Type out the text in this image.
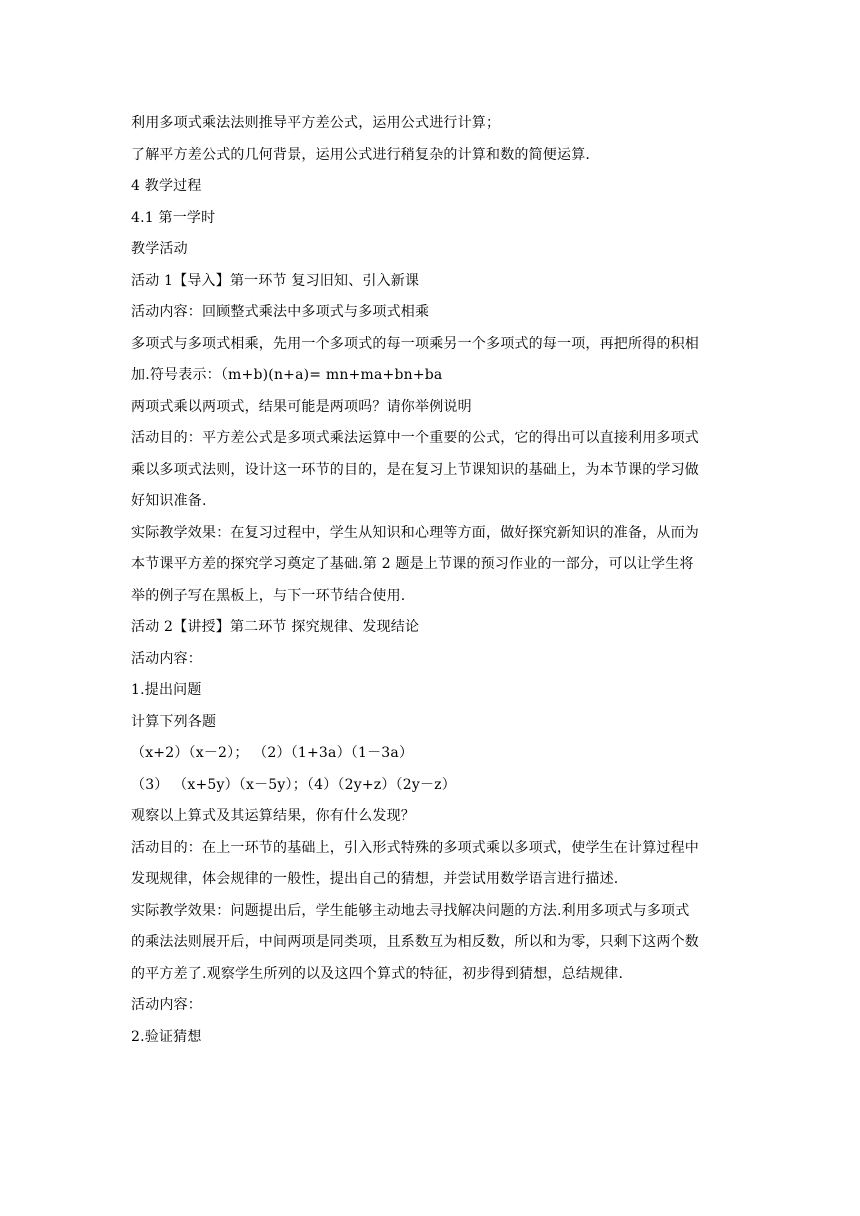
利用多项式乘法法则推导平方差公式，运用公式进行计算；
了解平方差公式的几何背景，运用公式进行稍复杂的计算和数的简便运算.
4 教学过程
4.1 第一学时
教学活动
活动 1【导入】第一环节 复习旧知、引入新课
活动内容：回顾整式乘法中多项式与多项式相乘
多项式与多项式相乘，先用一个多项式的每一项乘另一个多项式的每一项，再把所得的积相
加.符号表示：（m+b)(n+a)= mn+ma+bn+ba
两项式乘以两项式，结果可能是两项吗？请你举例说明
活动目的：平方差公式是多项式乘法运算中一个重要的公式，它的得出可以直接利用多项式
乘以多项式法则，设计这一环节的目的，是在复习上节课知识的基础上，为本节课的学习做
好知识准备.
实际教学效果：在复习过程中，学生从知识和心理等方面，做好探究新知识的准备，从而为
本节课平方差的探究学习奠定了基础.第 2 题是上节课的预习作业的一部分，可以让学生将
举的例子写在黑板上，与下一环节结合使用.
活动 2【讲授】第二环节 探究规律、发现结论
活动内容：
1.提出问题
计算下列各题
（x+2）（x－2）； （2）（1+3a）（1－3a）
（3） （x+5y）（x－5y）；（4）（2y+z）（2y－z）
观察以上算式及其运算结果，你有什么发现？
活动目的：在上一环节的基础上，引入形式特殊的多项式乘以多项式，使学生在计算过程中
发现规律，体会规律的一般性，提出自己的猜想，并尝试用数学语言进行描述.
实际教学效果：问题提出后，学生能够主动地去寻找解决问题的方法.利用多项式与多项式
的乘法法则展开后，中间两项是同类项，且系数互为相反数，所以和为零，只剩下这两个数
的平方差了.观察学生所列的以及这四个算式的特征，初步得到猜想，总结规律.
活动内容：
2.验证猜想
